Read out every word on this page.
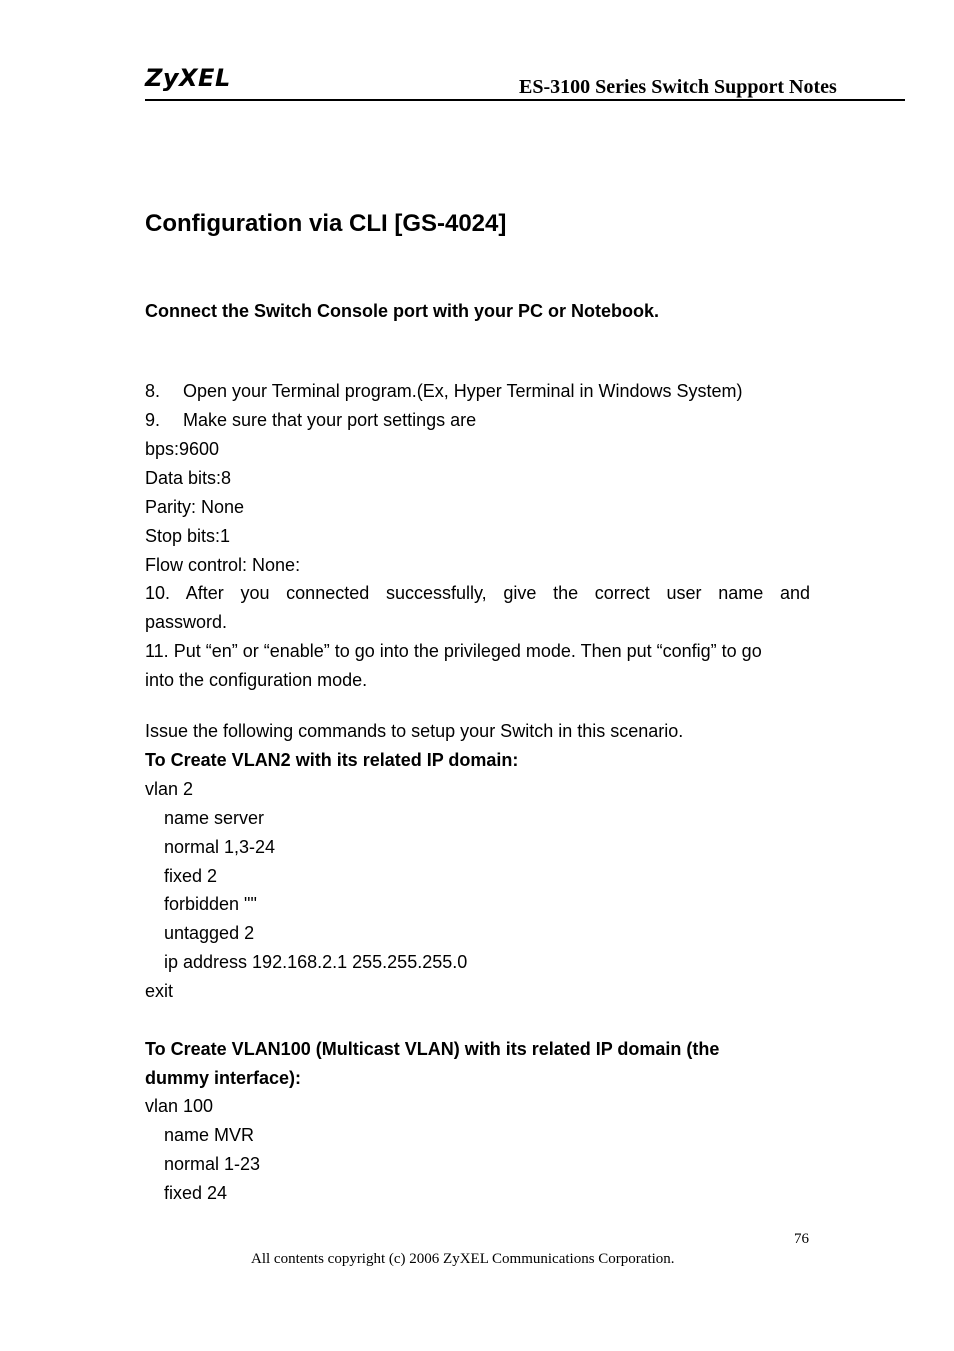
ZyXEL	ES-3100 Series Switch Support Notes
Configuration via CLI [GS-4024]
Connect the Switch Console port with your PC or Notebook.
8. Open your Terminal program.(Ex, Hyper Terminal in Windows System)
9. Make sure that your port settings are
bps:9600
Data bits:8
Parity: None
Stop bits:1
Flow control: None:
10. After you connected successfully, give the correct user name and
password.
11. Put “en” or “enable” to go into the privileged mode. Then put “config” to go
into the configuration mode.
Issue the following commands to setup your Switch in this scenario.
To Create VLAN2 with its related IP domain:
vlan 2
name server
normal 1,3-24
fixed 2
forbidden ""
untagged 2
ip address 192.168.2.1 255.255.255.0
exit
To Create VLAN100 (Multicast VLAN) with its related IP domain (the
dummy interface):
vlan 100
name MVR
normal 1-23
fixed 24
76
All contents copyright (c) 2006 ZyXEL Communications Corporation.
